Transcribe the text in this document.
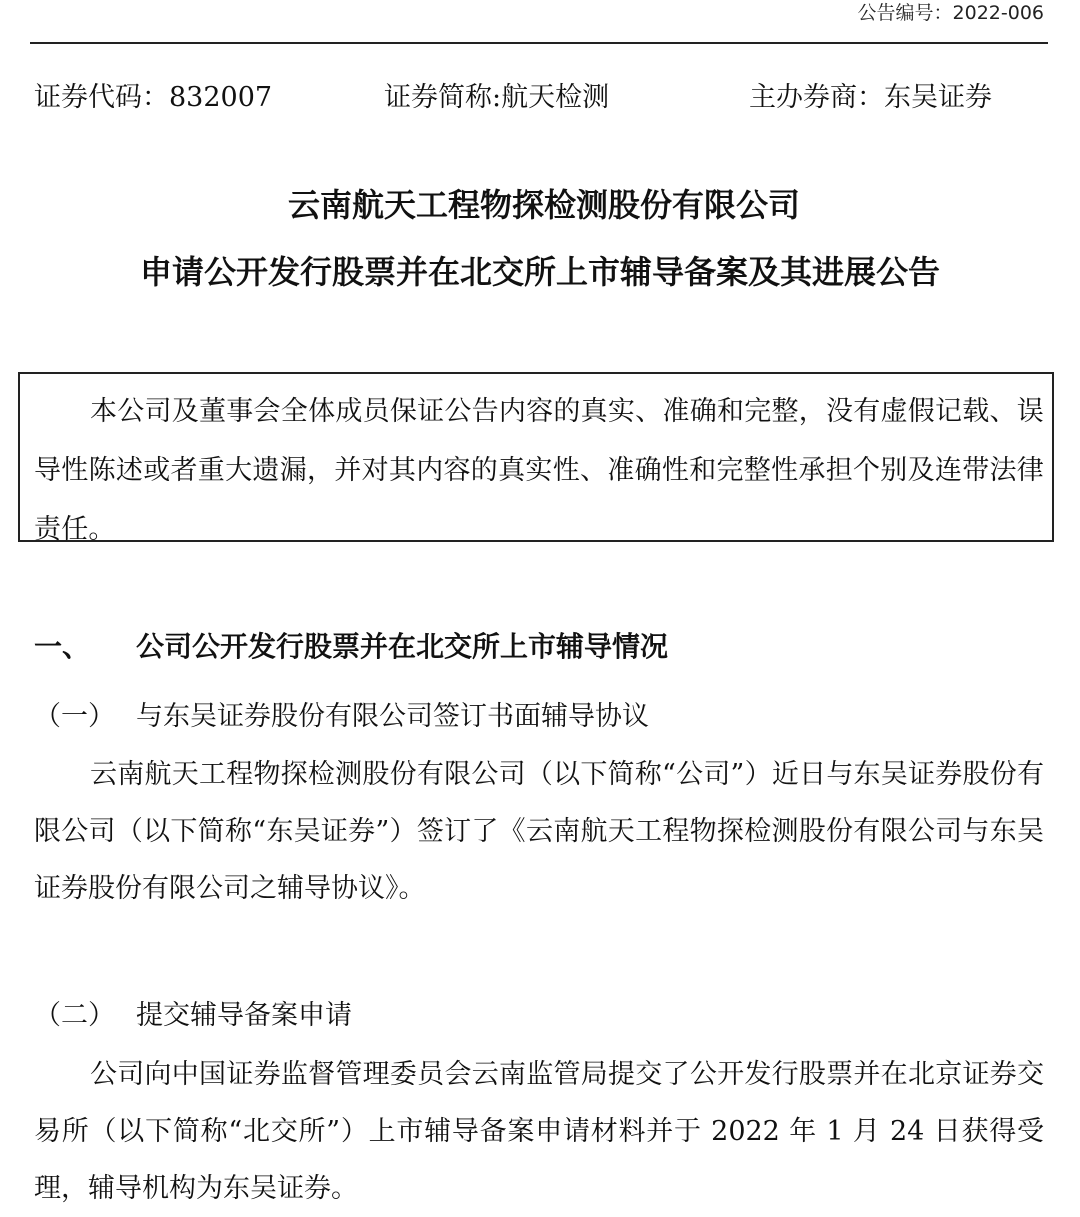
公告编号：2022-006
证券代码：832007	证券简称:航天检测	主办券商：东吴证券
云南航天工程物探检测股份有限公司
申请公开发行股票并在北交所上市辅导备案及其进展公告
本公司及董事会全体成员保证公告内容的真实、准确和完整，没有虚假记载、误导性陈述或者重大遗漏，并对其内容的真实性、准确性和完整性承担个别及连带法律责任。
一、 公司公开发行股票并在北交所上市辅导情况
（一） 与东吴证券股份有限公司签订书面辅导协议
云南航天工程物探检测股份有限公司（以下简称“公司”）近日与东吴证券股份有限公司（以下简称“东吴证券”）签订了《云南航天工程物探检测股份有限公司与东吴证券股份有限公司之辅导协议》。
（二） 提交辅导备案申请
公司向中国证券监督管理委员会云南监管局提交了公开发行股票并在北京证券交易所（以下简称“北交所”）上市辅导备案申请材料并于 2022 年 1 月 24 日获得受理，辅导机构为东吴证券。
